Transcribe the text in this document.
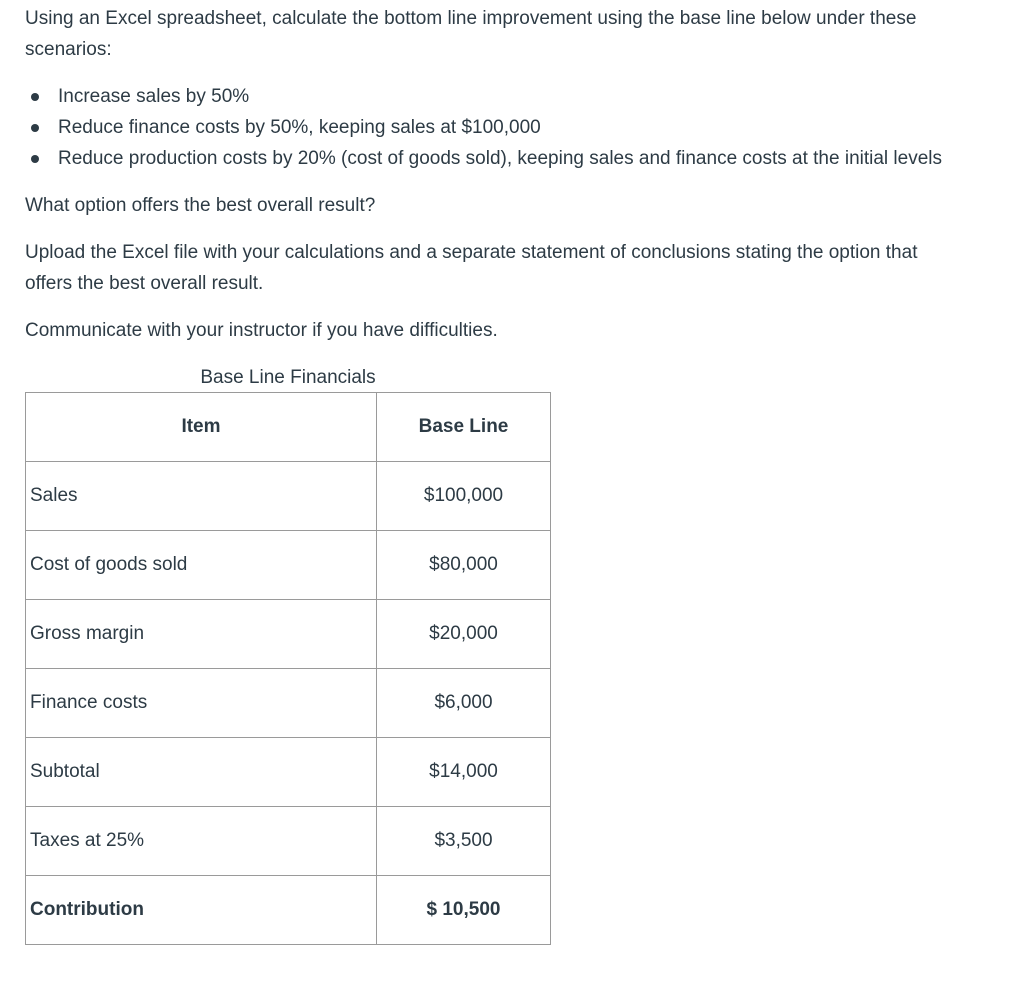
Using an Excel spreadsheet, calculate the bottom line improvement using the base line below under these
scenarios:
Increase sales by 50%
Reduce finance costs by 50%, keeping sales at $100,000
Reduce production costs by 20% (cost of goods sold), keeping sales and finance costs at the initial levels

What option offers the best overall result?

Upload the Excel file with your calculations and a separate statement of conclusions stating the option that
offers the best overall result.

Communicate with your instructor if you have difficulties.

Base Line Financials
Item	Base Line
Sales	$100,000
Cost of goods sold	$80,000
Gross margin	$20,000
Finance costs	$6,000
Subtotal	$14,000
Taxes at 25%	$3,500
Contribution	$ 10,500
